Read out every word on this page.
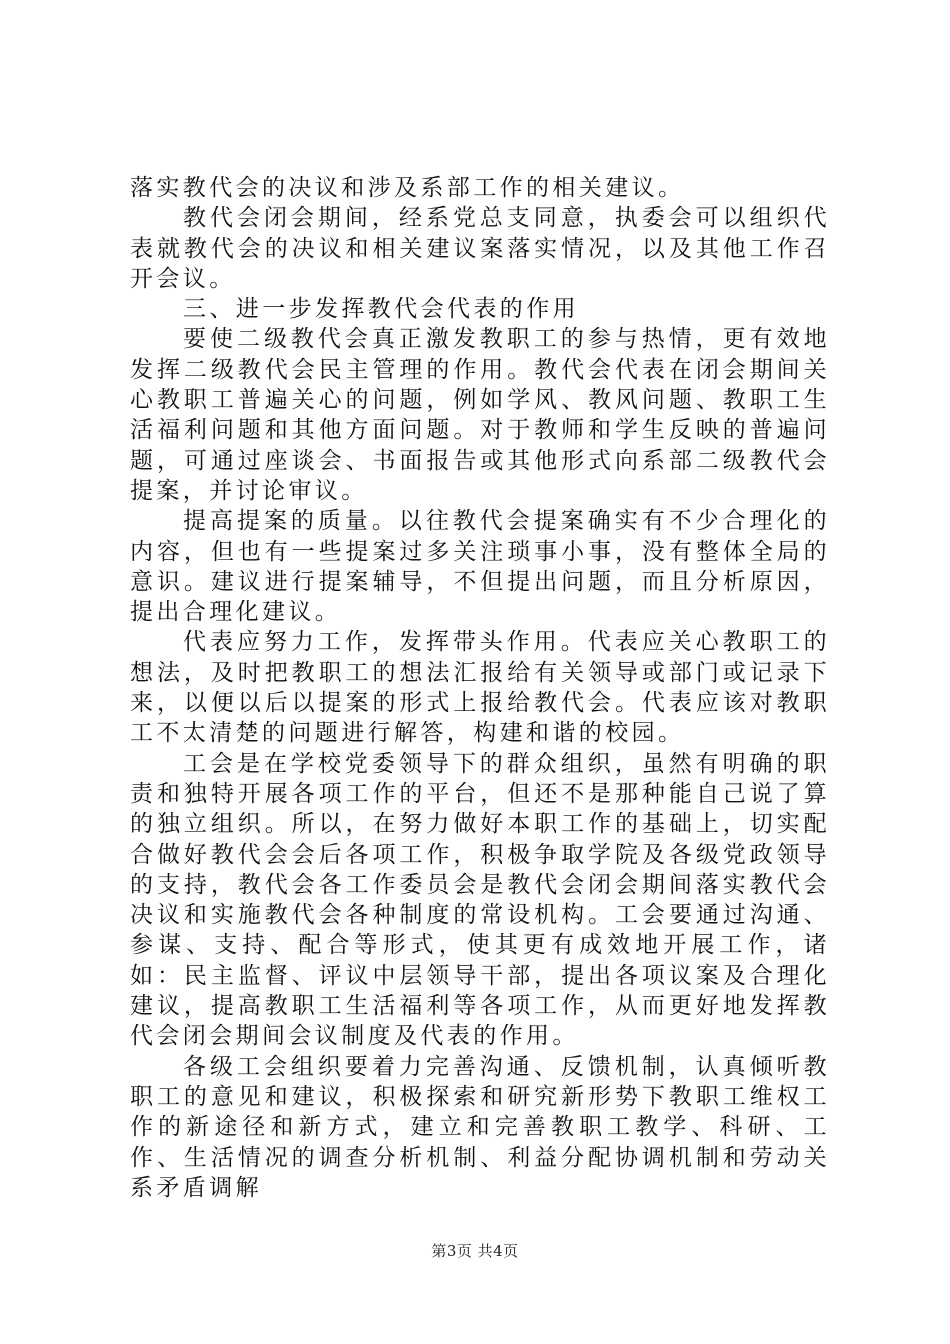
落实教代会的决议和涉及系部工作的相关建议。

教代会闭会期间，经系党总支同意，执委会可以组织代表就教代会的决议和相关建议案落实情况，以及其他工作召开会议。

三、进一步发挥教代会代表的作用

要使二级教代会真正激发教职工的参与热情，更有效地发挥二级教代会民主管理的作用。教代会代表在闭会期间关心教职工普遍关心的问题，例如学风、教风问题、教职工生活福利问题和其他方面问题。对于教师和学生反映的普遍问题，可通过座谈会、书面报告或其他形式向系部二级教代会提案，并讨论审议。

提高提案的质量。以往教代会提案确实有不少合理化的内容，但也有一些提案过多关注琐事小事，没有整体全局的意识。建议进行提案辅导，不但提出问题，而且分析原因，提出合理化建议。

代表应努力工作，发挥带头作用。代表应关心教职工的想法，及时把教职工的想法汇报给有关领导或部门或记录下来，以便以后以提案的形式上报给教代会。代表应该对教职工不太清楚的问题进行解答，构建和谐的校园。

工会是在学校党委领导下的群众组织，虽然有明确的职责和独特开展各项工作的平台，但还不是那种能自己说了算的独立组织。所以，在努力做好本职工作的基础上，切实配合做好教代会会后各项工作，积极争取学院及各级党政领导的支持，教代会各工作委员会是教代会闭会期间落实教代会决议和实施教代会各种制度的常设机构。工会要通过沟通、参谋、支持、配合等形式，使其更有成效地开展工作，诸如：民主监督、评议中层领导干部，提出各项议案及合理化建议，提高教职工生活福利等各项工作，从而更好地发挥教代会闭会期间会议制度及代表的作用。

各级工会组织要着力完善沟通、反馈机制，认真倾听教职工的意见和建议，积极探索和研究新形势下教职工维权工作的新途径和新方式，建立和完善教职工教学、科研、工作、生活情况的调查分析机制、利益分配协调机制和劳动关系矛盾调解

第3页 共4页
